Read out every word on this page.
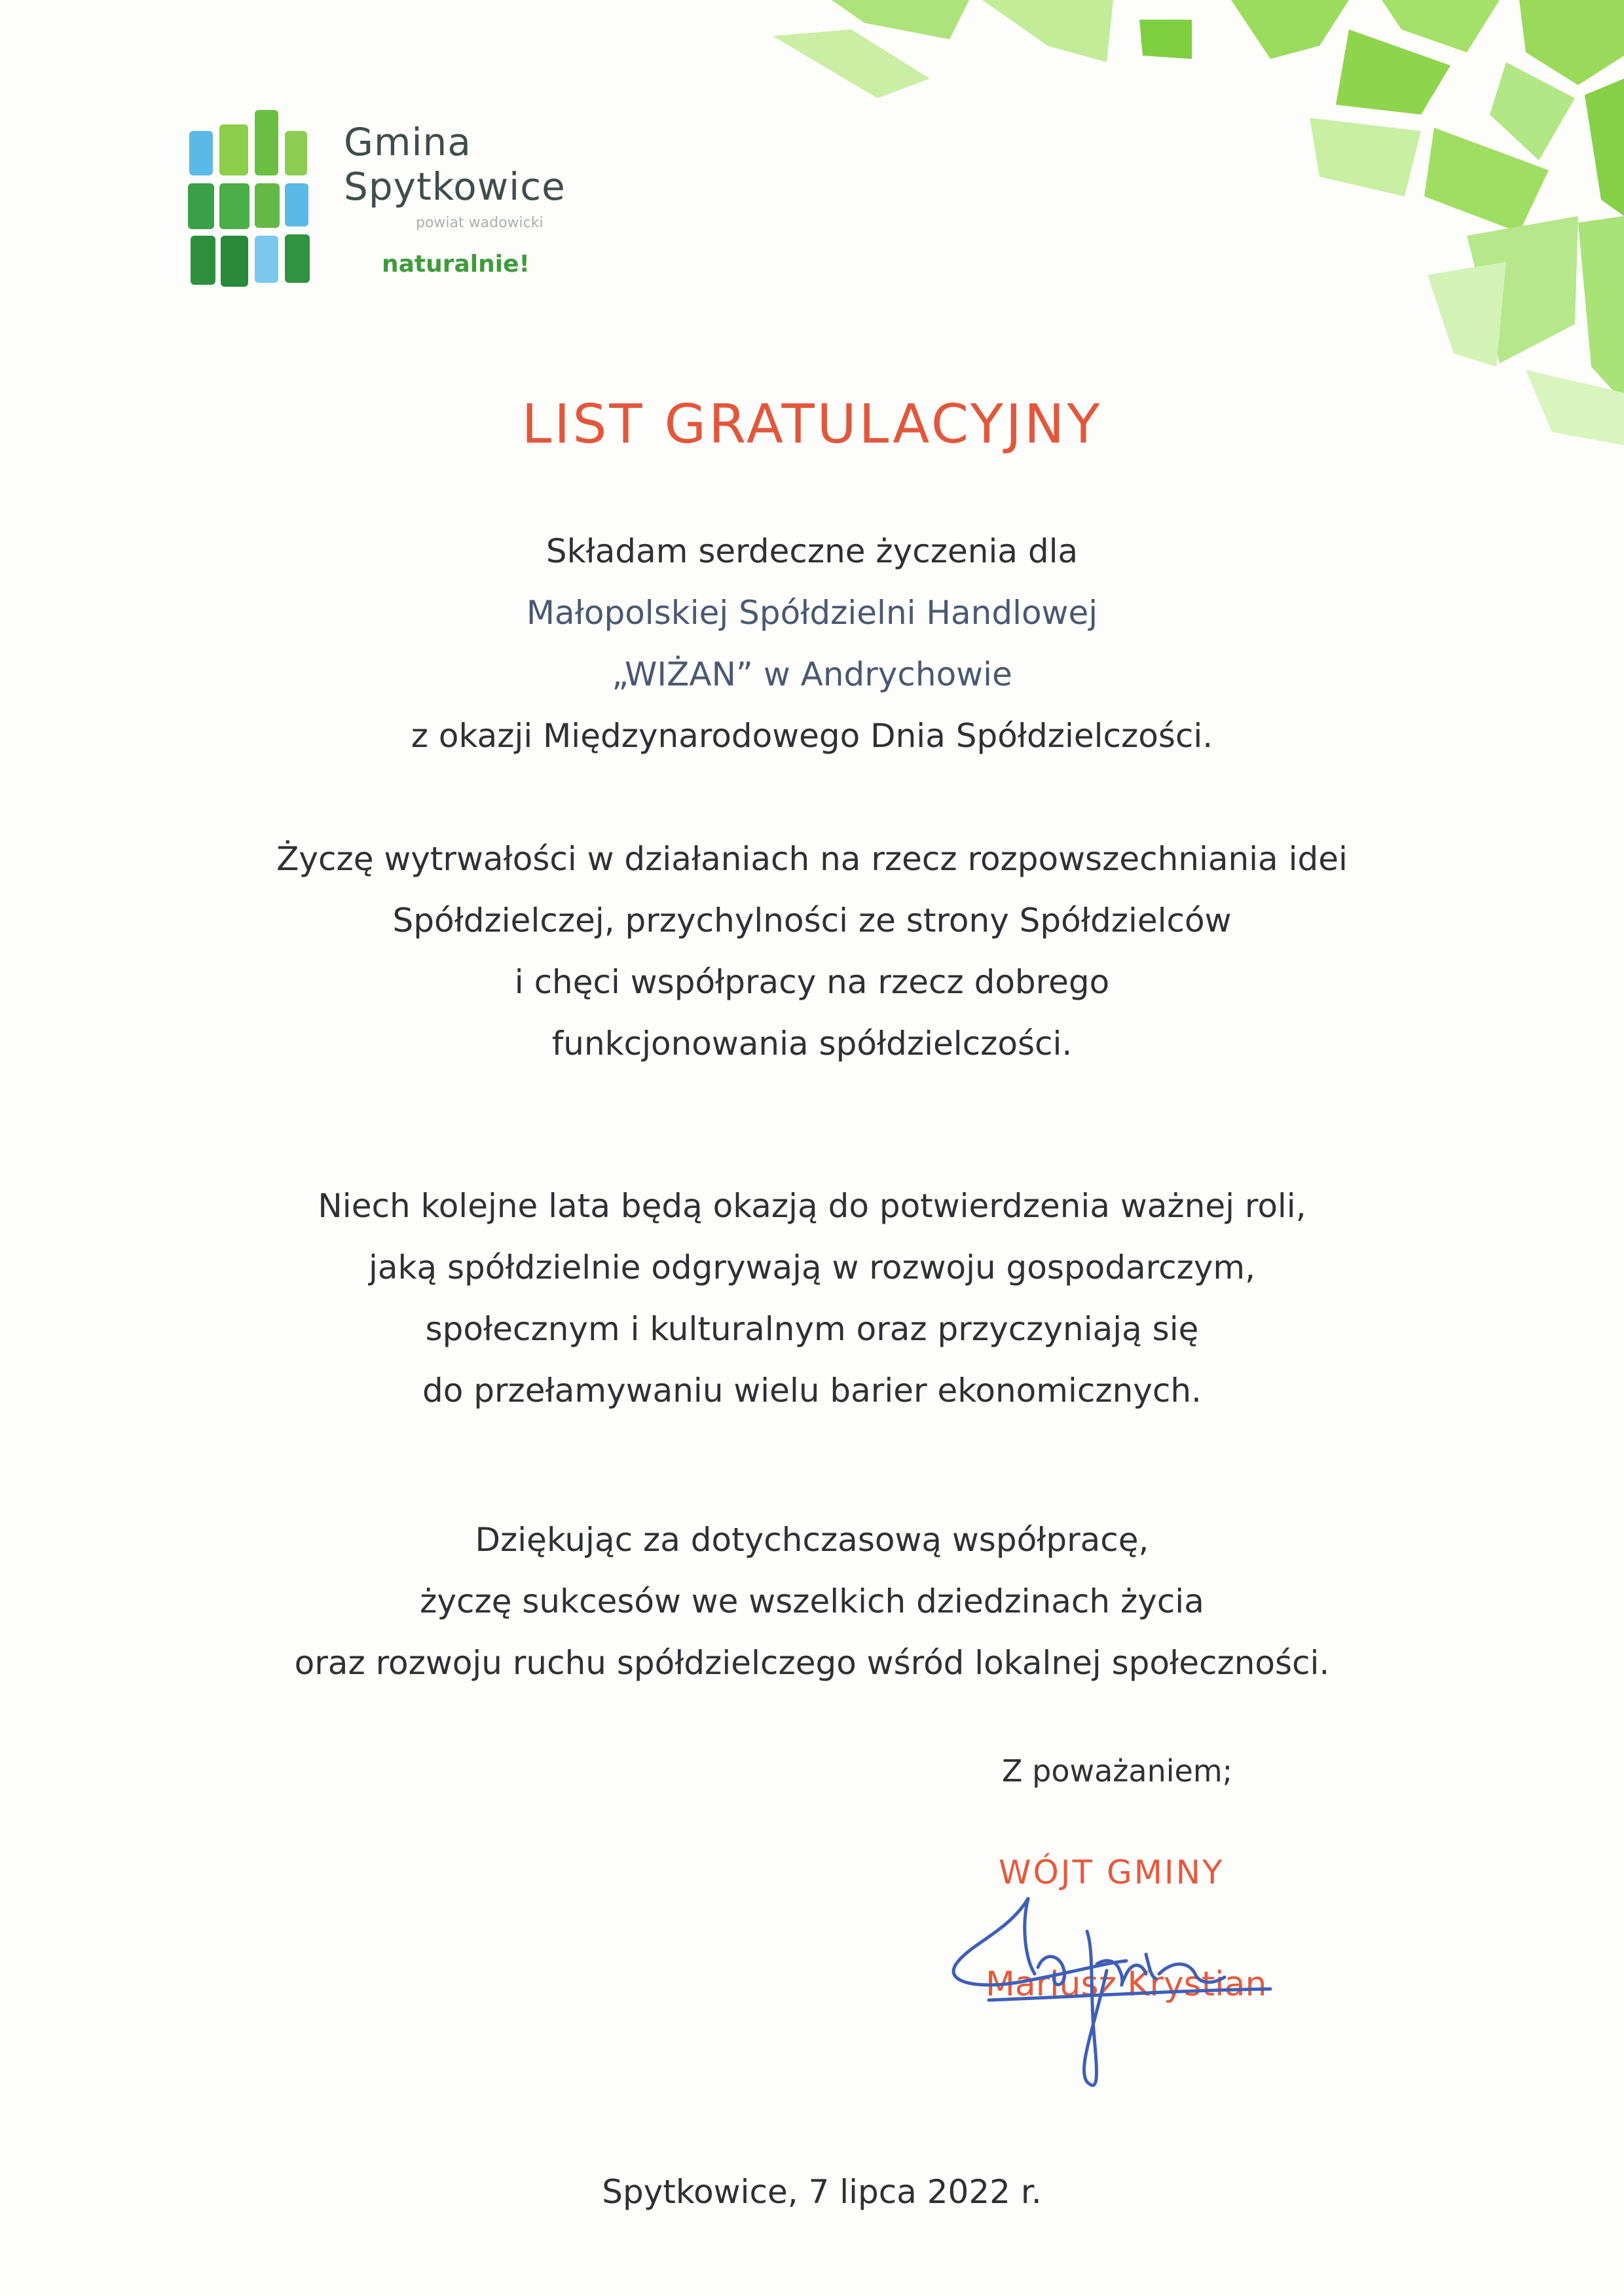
Gmina
Spytkowice
powiat wadowicki
naturalnie!
LIST GRATULACYJNY
Składam serdeczne życzenia dla
Małopolskiej Spółdzielni Handlowej
„WIŻAN” w Andrychowie
z okazji Międzynarodowego Dnia Spółdzielczości.
Życzę wytrwałości w działaniach na rzecz rozpowszechniania idei
Spółdzielczej, przychylności ze strony Spółdzielców
i chęci współpracy na rzecz dobrego
funkcjonowania spółdzielczości.
Niech kolejne lata będą okazją do potwierdzenia ważnej roli,
jaką spółdzielnie odgrywają w rozwoju gospodarczym,
społecznym i kulturalnym oraz przyczyniają się
do przełamywaniu wielu barier ekonomicznych.
Dziękując za dotychczasową współpracę,
życzę sukcesów we wszelkich dziedzinach życia
oraz rozwoju ruchu spółdzielczego wśród lokalnej społeczności.
Z poważaniem;
WÓJT GMINY
Mariusz Krystian
Spytkowice, 7 lipca 2022 r.
